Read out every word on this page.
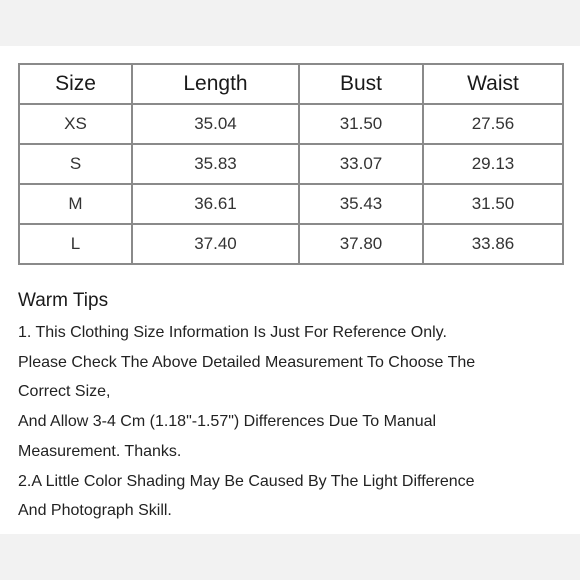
Size	Length	Bust	Waist
XS	35.04	31.50	27.56
S	35.83	33.07	29.13
M	36.61	35.43	31.50
L	37.40	37.80	33.86

Warm Tips

1. This Clothing Size Information Is Just For Reference Only.

Please Check The Above Detailed Measurement To Choose The

Correct Size,

And Allow 3-4 Cm (1.18"-1.57") Differences Due To Manual

Measurement. Thanks.

2.A Little Color Shading May Be Caused By The Light Difference

And Photograph Skill.
